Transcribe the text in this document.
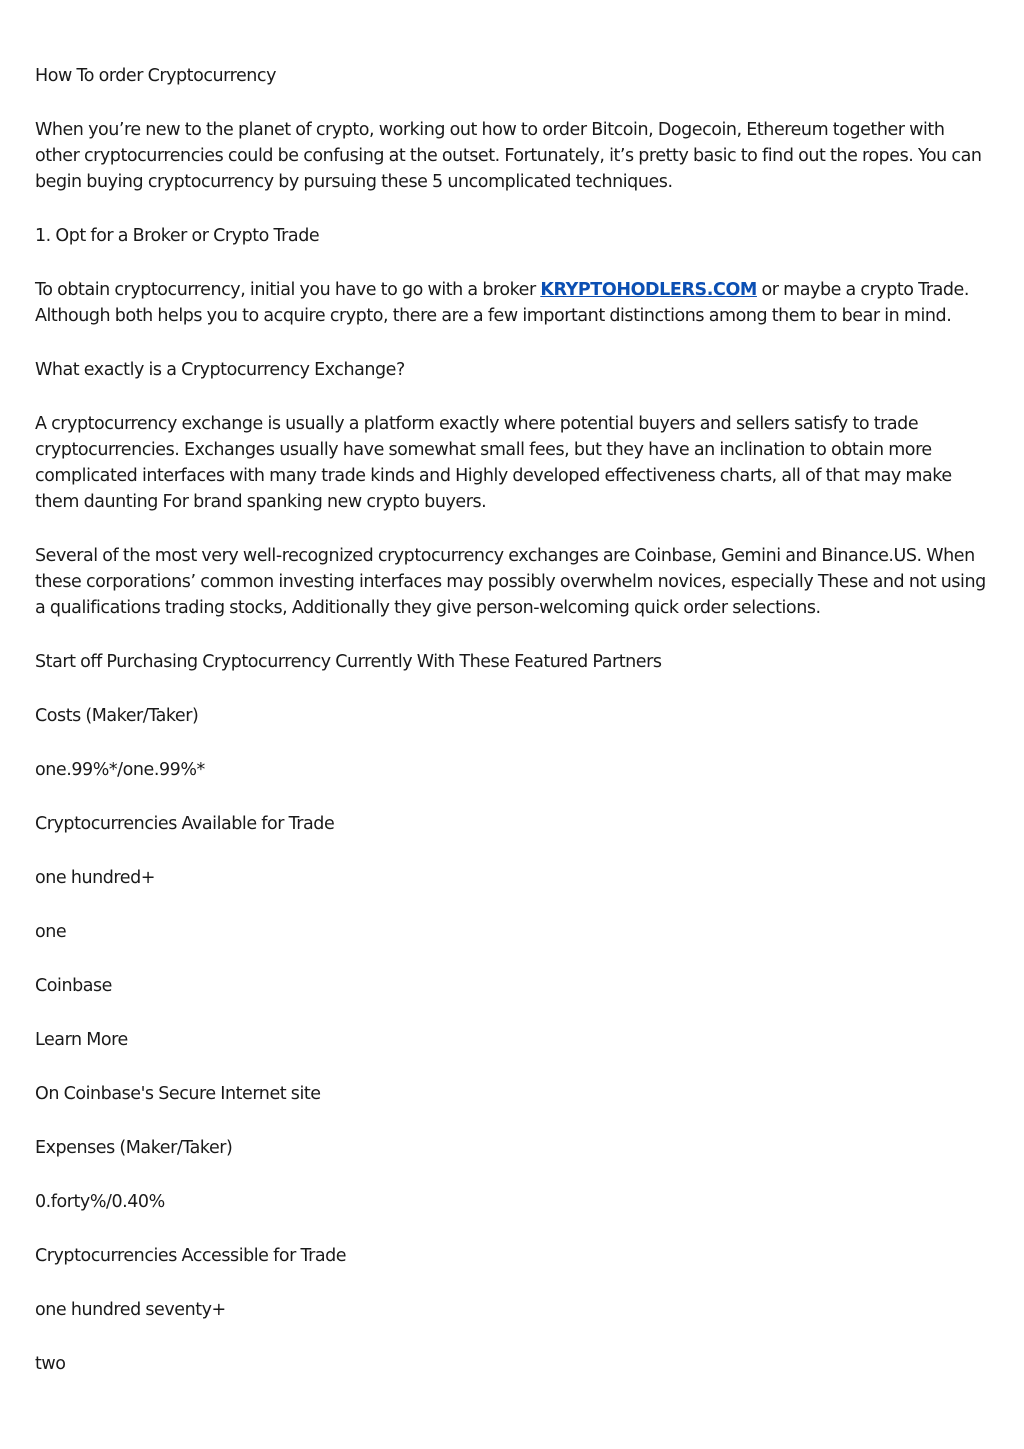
How To order Cryptocurrency

When you’re new to the planet of crypto, working out how to order Bitcoin, Dogecoin, Ethereum together with other cryptocurrencies could be confusing at the outset. Fortunately, it’s pretty basic to find out the ropes. You can begin buying cryptocurrency by pursuing these 5 uncomplicated techniques.

1. Opt for a Broker or Crypto Trade

To obtain cryptocurrency, initial you have to go with a broker KRYPTOHODLERS.COM or maybe a crypto Trade. Although both helps you to acquire crypto, there are a few important distinctions among them to bear in mind.

What exactly is a Cryptocurrency Exchange?

A cryptocurrency exchange is usually a platform exactly where potential buyers and sellers satisfy to trade cryptocurrencies. Exchanges usually have somewhat small fees, but they have an inclination to obtain more complicated interfaces with many trade kinds and Highly developed effectiveness charts, all of that may make them daunting For brand spanking new crypto buyers.

Several of the most very well-recognized cryptocurrency exchanges are Coinbase, Gemini and Binance.US. When these corporations’ common investing interfaces may possibly overwhelm novices, especially These and not using a qualifications trading stocks, Additionally they give person-welcoming quick order selections.

Start off Purchasing Cryptocurrency Currently With These Featured Partners

Costs (Maker/Taker)

one.99%*/one.99%*

Cryptocurrencies Available for Trade

one hundred+

one

Coinbase

Learn More

On Coinbase's Secure Internet site

Expenses (Maker/Taker)

0.forty%/0.40%

Cryptocurrencies Accessible for Trade

one hundred seventy+

two
